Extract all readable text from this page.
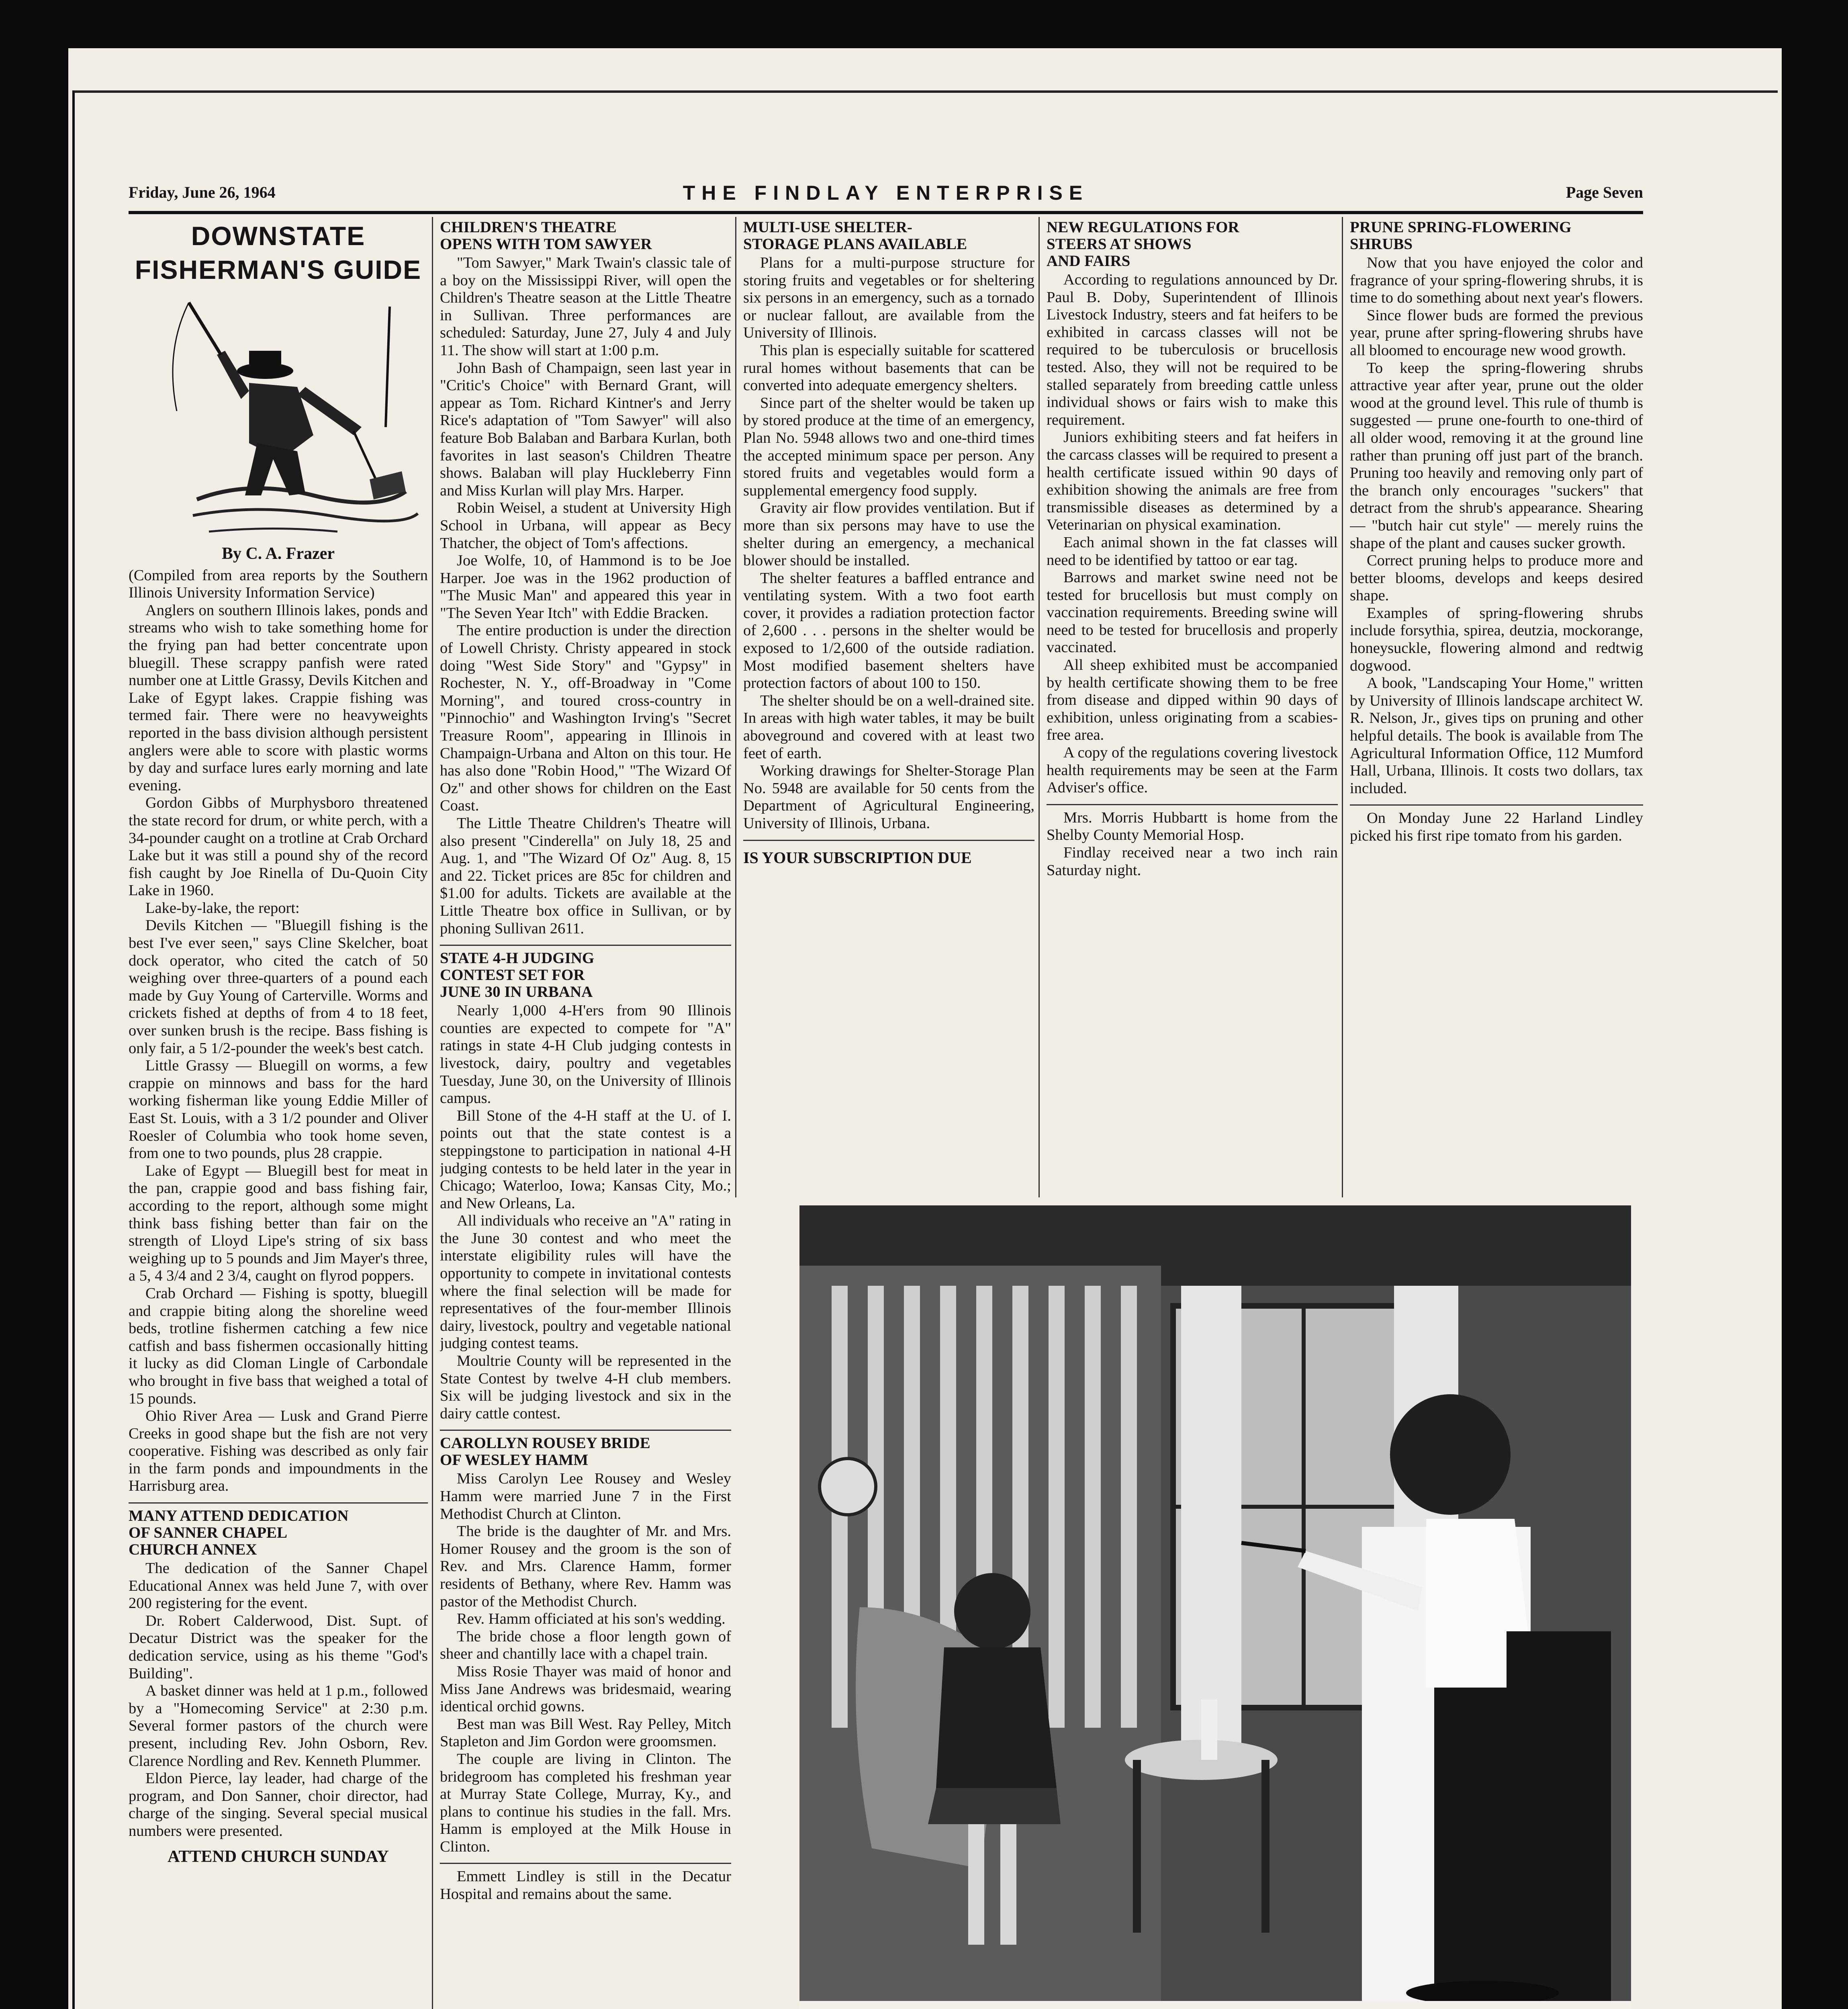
Friday, June 26, 1964	THE FINDLAY ENTERPRISE	Page Seven
DOWNSTATE
FISHERMAN'S GUIDE
By C. A. Frazer

(Compiled from area reports by the Southern Illinois University Information Service)

Anglers on southern Illinois lakes, ponds and streams who wish to take something home for the frying pan had better concentrate upon bluegill. These scrappy panfish were rated number one at Little Grassy, Devils Kitchen and Lake of Egypt lakes. Crappie fishing was termed fair. There were no heavyweights reported in the bass division although persistent anglers were able to score with plastic worms by day and surface lures early morning and late evening.

Gordon Gibbs of Murphysboro threatened the state record for drum, or white perch, with a 34-pounder caught on a trotline at Crab Orchard Lake but it was still a pound shy of the record fish caught by Joe Rinella of Du-Quoin City Lake in 1960.

Lake-by-lake, the report:

Devils Kitchen — "Bluegill fishing is the best I've ever seen," says Cline Skelcher, boat dock operator, who cited the catch of 50 weighing over three-quarters of a pound each made by Guy Young of Carterville. Worms and crickets fished at depths of from 4 to 18 feet, over sunken brush is the recipe. Bass fishing is only fair, a 5 1/2-pounder the week's best catch.

Little Grassy — Bluegill on worms, a few crappie on minnows and bass for the hard working fisherman like young Eddie Miller of East St. Louis, with a 3 1/2 pounder and Oliver Roesler of Columbia who took home seven, from one to two pounds, plus 28 crappie.

Lake of Egypt — Bluegill best for meat in the pan, crappie good and bass fishing fair, according to the report, although some might think bass fishing better than fair on the strength of Lloyd Lipe's string of six bass weighing up to 5 pounds and Jim Mayer's three, a 5, 4 3/4 and 2 3/4, caught on flyrod poppers.

Crab Orchard — Fishing is spotty, bluegill and crappie biting along the shoreline weed beds, trotline fishermen catching a few nice catfish and bass fishermen occasionally hitting it lucky as did Cloman Lingle of Carbondale who brought in five bass that weighed a total of 15 pounds.

Ohio River Area — Lusk and Grand Pierre Creeks in good shape but the fish are not very cooperative. Fishing was described as only fair in the farm ponds and impoundments in the Harrisburg area.

MANY ATTEND DEDICATION
OF SANNER CHAPEL
CHURCH ANNEX

The dedication of the Sanner Chapel Educational Annex was held June 7, with over 200 registering for the event.

Dr. Robert Calderwood, Dist. Supt. of Decatur District was the speaker for the dedication service, using as his theme "God's Building".

A basket dinner was held at 1 p.m., followed by a "Homecoming Service" at 2:30 p.m. Several former pastors of the church were present, including Rev. John Osborn, Rev. Clarence Nordling and Rev. Kenneth Plummer.

Eldon Pierce, lay leader, had charge of the program, and Don Sanner, choir director, had charge of the singing. Several special musical numbers were presented.

ATTEND CHURCH SUNDAY
CHILDREN'S THEATRE
OPENS WITH TOM SAWYER

"Tom Sawyer," Mark Twain's classic tale of a boy on the Mississippi River, will open the Children's Theatre season at the Little Theatre in Sullivan. Three performances are scheduled: Saturday, June 27, July 4 and July 11. The show will start at 1:00 p.m.

John Bash of Champaign, seen last year in "Critic's Choice" with Bernard Grant, will appear as Tom. Richard Kintner's and Jerry Rice's adaptation of "Tom Sawyer" will also feature Bob Balaban and Barbara Kurlan, both favorites in last season's Children Theatre shows. Balaban will play Huckleberry Finn and Miss Kurlan will play Mrs. Harper.

Robin Weisel, a student at University High School in Urbana, will appear as Becy Thatcher, the object of Tom's affections.

Joe Wolfe, 10, of Hammond is to be Joe Harper. Joe was in the 1962 production of "The Music Man" and appeared this year in "The Seven Year Itch" with Eddie Bracken.

The entire production is under the direction of Lowell Christy. Christy appeared in stock doing "West Side Story" and "Gypsy" in Rochester, N. Y., off-Broadway in "Come Morning", and toured cross-country in "Pinnochio" and Washington Irving's "Secret Treasure Room", appearing in Illinois in Champaign-Urbana and Alton on this tour. He has also done "Robin Hood," "The Wizard Of Oz" and other shows for children on the East Coast.

The Little Theatre Children's Theatre will also present "Cinderella" on July 18, 25 and Aug. 1, and "The Wizard Of Oz" Aug. 8, 15 and 22. Ticket prices are 85c for children and $1.00 for adults. Tickets are available at the Little Theatre box office in Sullivan, or by phoning Sullivan 2611.

STATE 4-H JUDGING
CONTEST SET FOR
JUNE 30 IN URBANA

Nearly 1,000 4-H'ers from 90 Illinois counties are expected to compete for "A" ratings in state 4-H Club judging contests in livestock, dairy, poultry and vegetables Tuesday, June 30, on the University of Illinois campus.

Bill Stone of the 4-H staff at the U. of I. points out that the state contest is a steppingstone to participation in national 4-H judging contests to be held later in the year in Chicago; Waterloo, Iowa; Kansas City, Mo.; and New Orleans, La.

All individuals who receive an "A" rating in the June 30 contest and who meet the interstate eligibility rules will have the opportunity to compete in invitational contests where the final selection will be made for representatives of the four-member Illinois dairy, livestock, poultry and vegetable national judging contest teams.

Moultrie County will be represented in the State Contest by twelve 4-H club members. Six will be judging livestock and six in the dairy cattle contest.

CAROLLYN ROUSEY BRIDE
OF WESLEY HAMM

Miss Carolyn Lee Rousey and Wesley Hamm were married June 7 in the First Methodist Church at Clinton.

The bride is the daughter of Mr. and Mrs. Homer Rousey and the groom is the son of Rev. and Mrs. Clarence Hamm, former residents of Bethany, where Rev. Hamm was pastor of the Methodist Church.

Rev. Hamm officiated at his son's wedding.

The bride chose a floor length gown of sheer and chantilly lace with a chapel train.

Miss Rosie Thayer was maid of honor and Miss Jane Andrews was bridesmaid, wearing identical orchid gowns.

Best man was Bill West. Ray Pelley, Mitch Stapleton and Jim Gordon were groomsmen.

The couple are living in Clinton. The bridegroom has completed his freshman year at Murray State College, Murray, Ky., and plans to continue his studies in the fall. Mrs. Hamm is employed at the Milk House in Clinton.

Emmett Lindley is still in the Decatur Hospital and remains about the same.

MULTI-USE SHELTER-
STORAGE PLANS AVAILABLE

Plans for a multi-purpose structure for storing fruits and vegetables or for sheltering six persons in an emergency, such as a tornado or nuclear fallout, are available from the University of Illinois.

This plan is especially suitable for scattered rural homes without basements that can be converted into adequate emergency shelters.

Since part of the shelter would be taken up by stored produce at the time of an emergency, Plan No. 5948 allows two and one-third times the accepted minimum space per person. Any stored fruits and vegetables would form a supplemental emergency food supply.

Gravity air flow provides ventilation. But if more than six persons may have to use the shelter during an emergency, a mechanical blower should be installed.

The shelter features a baffled entrance and ventilating system. With a two foot earth cover, it provides a radiation protection factor of 2,600 . . . persons in the shelter would be exposed to 1/2,600 of the outside radiation. Most modified basement shelters have protection factors of about 100 to 150.

The shelter should be on a well-drained site. In areas with high water tables, it may be built aboveground and covered with at least two feet of earth.

Working drawings for Shelter-Storage Plan No. 5948 are available for 50 cents from the Department of Agricultural Engineering, University of Illinois, Urbana.

IS YOUR SUBSCRIPTION DUE
NEW REGULATIONS FOR
STEERS AT SHOWS
AND FAIRS

According to regulations announced by Dr. Paul B. Doby, Superintendent of Illinois Livestock Industry, steers and fat heifers to be exhibited in carcass classes will not be required to be tuberculosis or brucellosis tested. Also, they will not be required to be stalled separately from breeding cattle unless individual shows or fairs wish to make this requirement.

Juniors exhibiting steers and fat heifers in the carcass classes will be required to present a health certificate issued within 90 days of exhibition showing the animals are free from transmissible diseases as determined by a Veterinarian on physical examination.

Each animal shown in the fat classes will need to be identified by tattoo or ear tag.

Barrows and market swine need not be tested for brucellosis but must comply on vaccination requirements. Breeding swine will need to be tested for brucellosis and properly vaccinated.

All sheep exhibited must be accompanied by health certificate showing them to be free from disease and dipped within 90 days of exhibition, unless originating from a scabies-free area.

A copy of the regulations covering livestock health requirements may be seen at the Farm Adviser's office.

Mrs. Morris Hubbartt is home from the Shelby County Memorial Hosp.

Findlay received near a two inch rain Saturday night.

PRUNE SPRING-FLOWERING
SHRUBS

Now that you have enjoyed the color and fragrance of your spring-flowering shrubs, it is time to do something about next year's flowers.

Since flower buds are formed the previous year, prune after spring-flowering shrubs have all bloomed to encourage new wood growth.

To keep the spring-flowering shrubs attractive year after year, prune out the older wood at the ground level. This rule of thumb is suggested — prune one-fourth to one-third of all older wood, removing it at the ground line rather than pruning off just part of the branch. Pruning too heavily and removing only part of the branch only encourages "suckers" that detract from the shrub's appearance. Shearing — "butch hair cut style" — merely ruins the shape of the plant and causes sucker growth.

Correct pruning helps to produce more and better blooms, develops and keeps desired shape.

Examples of spring-flowering shrubs include forsythia, spirea, deutzia, mockorange, honeysuckle, flowering almond and redtwig dogwood.

A book, "Landscaping Your Home," written by University of Illinois landscape architect W. R. Nelson, Jr., gives tips on pruning and other helpful details. The book is available from The Agricultural Information Office, 112 Mumford Hall, Urbana, Illinois. It costs two dollars, tax included.

On Monday June 22 Harland Lindley picked his first ripe tomato from his garden.
